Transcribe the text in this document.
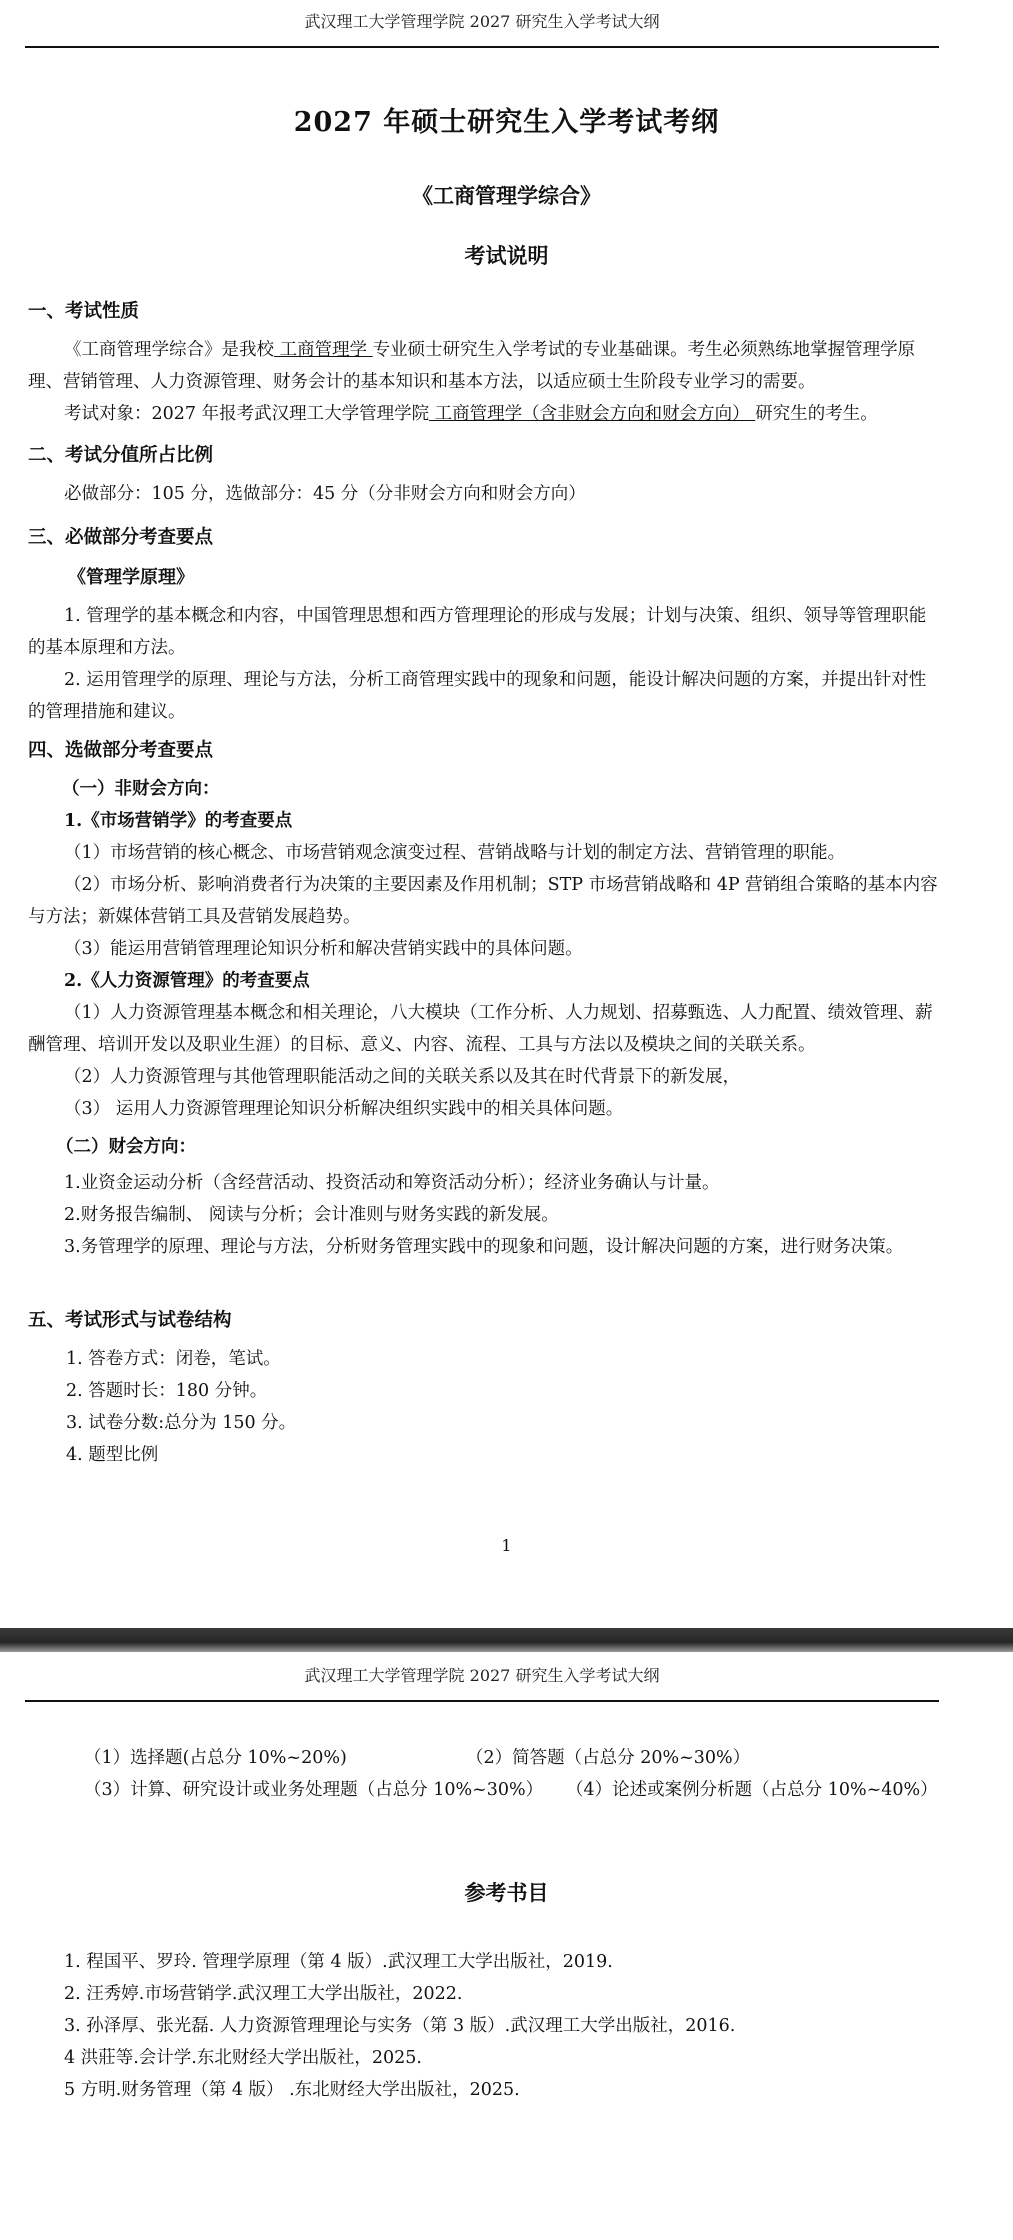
武汉理工大学管理学院 2027 研究生入学考试大纲
2027 年硕士研究生入学考试考纲
《工商管理学综合》
考试说明
一、考试性质
《工商管理学综合》是我校 工商管理学 专业硕士研究生入学考试的专业基础课。考生必须熟练地掌握管理学原理、营销管理、人力资源管理、财务会计的基本知识和基本方法，以适应硕士生阶段专业学习的需要。
考试对象：2027 年报考武汉理工大学管理学院 工商管理学（含非财会方向和财会方向） 研究生的考生。
二、考试分值所占比例
必做部分：105 分，选做部分：45 分（分非财会方向和财会方向）
三、必做部分考查要点
《管理学原理》
1. 管理学的基本概念和内容，中国管理思想和西方管理理论的形成与发展；计划与决策、组织、领导等管理职能的基本原理和方法。
2. 运用管理学的原理、理论与方法，分析工商管理实践中的现象和问题，能设计解决问题的方案，并提出针对性的管理措施和建议。
四、选做部分考查要点
（一）非财会方向：
1.《市场营销学》的考查要点
（1）市场营销的核心概念、市场营销观念演变过程、营销战略与计划的制定方法、营销管理的职能。
（2）市场分析、影响消费者行为决策的主要因素及作用机制；STP 市场营销战略和 4P 营销组合策略的基本内容与方法；新媒体营销工具及营销发展趋势。
（3）能运用营销管理理论知识分析和解决营销实践中的具体问题。
2.《人力资源管理》的考查要点
（1）人力资源管理基本概念和相关理论，八大模块（工作分析、人力规划、招募甄选、人力配置、绩效管理、薪酬管理、培训开发以及职业生涯）的目标、意义、内容、流程、工具与方法以及模块之间的关联关系。
（2）人力资源管理与其他管理职能活动之间的关联关系以及其在时代背景下的新发展，
（3） 运用人力资源管理理论知识分析解决组织实践中的相关具体问题。
（二）财会方向：
1.业资金运动分析（含经营活动、投资活动和筹资活动分析）；经济业务确认与计量。
2.财务报告编制、 阅读与分析；会计准则与财务实践的新发展。
3.务管理学的原理、理论与方法，分析财务管理实践中的现象和问题，设计解决问题的方案，进行财务决策。
五、考试形式与试卷结构
1. 答卷方式：闭卷，笔试。
2. 答题时长：180 分钟。
3. 试卷分数:总分为 150 分。
4. 题型比例
1
武汉理工大学管理学院 2027 研究生入学考试大纲
（1）选择题(占总分 10%~20%)	（2）简答题（占总分 20%~30%）
（3）计算、研究设计或业务处理题（占总分 10%~30%）	（4）论述或案例分析题（占总分 10%~40%）
参考书目
1. 程国平、罗玲. 管理学原理（第 4 版）.武汉理工大学出版社，2019.
2. 汪秀婷.市场营销学.武汉理工大学出版社，2022.
3. 孙泽厚、张光磊. 人力资源管理理论与实务（第 3 版）.武汉理工大学出版社，2016.
4 洪莊等.会计学.东北财经大学出版社，2025.
5 方明.财务管理（第 4 版） .东北财经大学出版社，2025.
